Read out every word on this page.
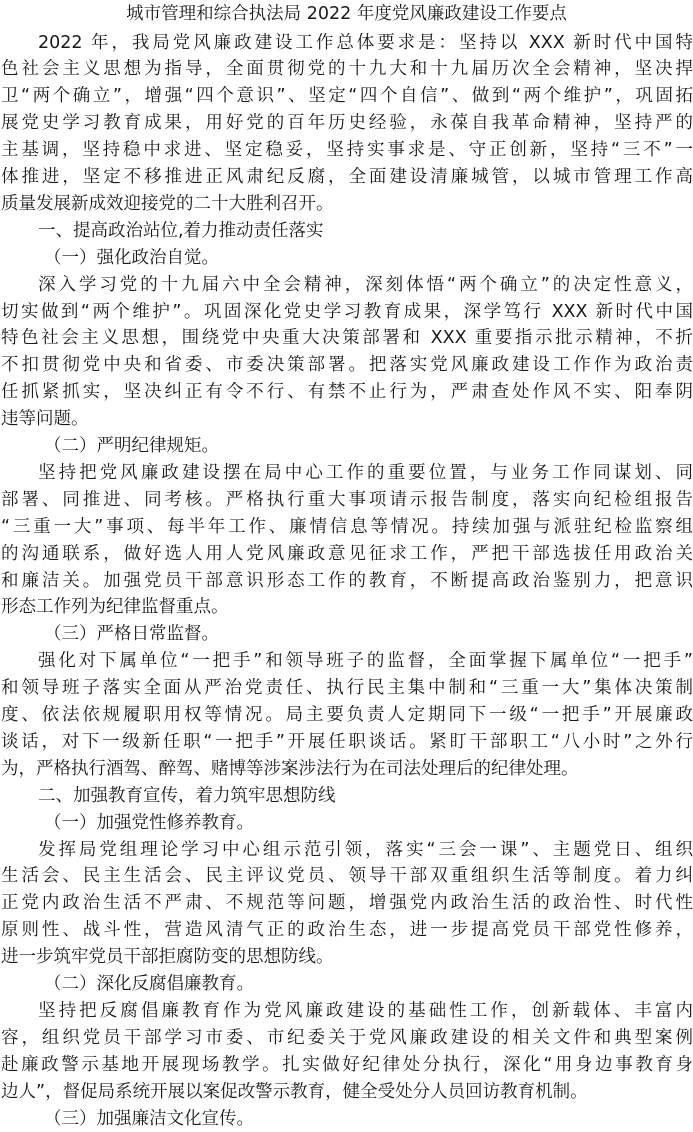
城市管理和综合执法局 2022 年度党风廉政建设工作要点
2022 年，我局党风廉政建设工作总体要求是：坚持以 XXX 新时代中国特
色社会主义思想为指导，全面贯彻党的十九大和十九届历次全会精神，坚决捍
卫“两个确立”，增强“四个意识”、坚定“四个自信”、做到“两个维护”，巩固拓
展党史学习教育成果，用好党的百年历史经验，永葆自我革命精神，坚持严的
主基调，坚持稳中求进、坚定稳妥，坚持实事求是、守正创新，坚持“三不”一
体推进，坚定不移推进正风肃纪反腐，全面建设清廉城管，以城市管理工作高
质量发展新成效迎接党的二十大胜利召开。
一、提高政治站位,着力推动责任落实
（一）强化政治自觉。
深入学习党的十九届六中全会精神，深刻体悟“两个确立”的决定性意义，
切实做到“两个维护”。巩固深化党史学习教育成果，深学笃行 XXX 新时代中国
特色社会主义思想，围绕党中央重大决策部署和 XXX 重要指示批示精神，不折
不扣贯彻党中央和省委、市委决策部署。把落实党风廉政建设工作作为政治责
任抓紧抓实，坚决纠正有令不行、有禁不止行为，严肃查处作风不实、阳奉阴
违等问题。
（二）严明纪律规矩。
坚持把党风廉政建设摆在局中心工作的重要位置，与业务工作同谋划、同
部署、同推进、同考核。严格执行重大事项请示报告制度，落实向纪检组报告
“三重一大”事项、每半年工作、廉情信息等情况。持续加强与派驻纪检监察组
的沟通联系，做好选人用人党风廉政意见征求工作，严把干部选拔任用政治关
和廉洁关。加强党员干部意识形态工作的教育，不断提高政治鉴别力，把意识
形态工作列为纪律监督重点。
（三）严格日常监督。
强化对下属单位“一把手”和领导班子的监督，全面掌握下属单位“一把手”
和领导班子落实全面从严治党责任、执行民主集中制和“三重一大”集体决策制
度、依法依规履职用权等情况。局主要负责人定期同下一级“一把手”开展廉政
谈话，对下一级新任职“一把手”开展任职谈话。紧盯干部职工“八小时”之外行
为，严格执行酒驾、醉驾、赌博等涉案涉法行为在司法处理后的纪律处理。
二、加强教育宣传，着力筑牢思想防线
（一）加强党性修养教育。
发挥局党组理论学习中心组示范引领，落实“三会一课”、主题党日、组织
生活会、民主生活会、民主评议党员、领导干部双重组织生活等制度。着力纠
正党内政治生活不严肃、不规范等问题，增强党内政治生活的政治性、时代性
原则性、战斗性，营造风清气正的政治生态，进一步提高党员干部党性修养，
进一步筑牢党员干部拒腐防变的思想防线。
（二）深化反腐倡廉教育。
坚持把反腐倡廉教育作为党风廉政建设的基础性工作，创新载体、丰富内
容，组织党员干部学习市委、市纪委关于党风廉政建设的相关文件和典型案例
赴廉政警示基地开展现场教学。扎实做好纪律处分执行，深化“用身边事教育身
边人”，督促局系统开展以案促改警示教育，健全受处分人员回访教育机制。
（三）加强廉洁文化宣传。
